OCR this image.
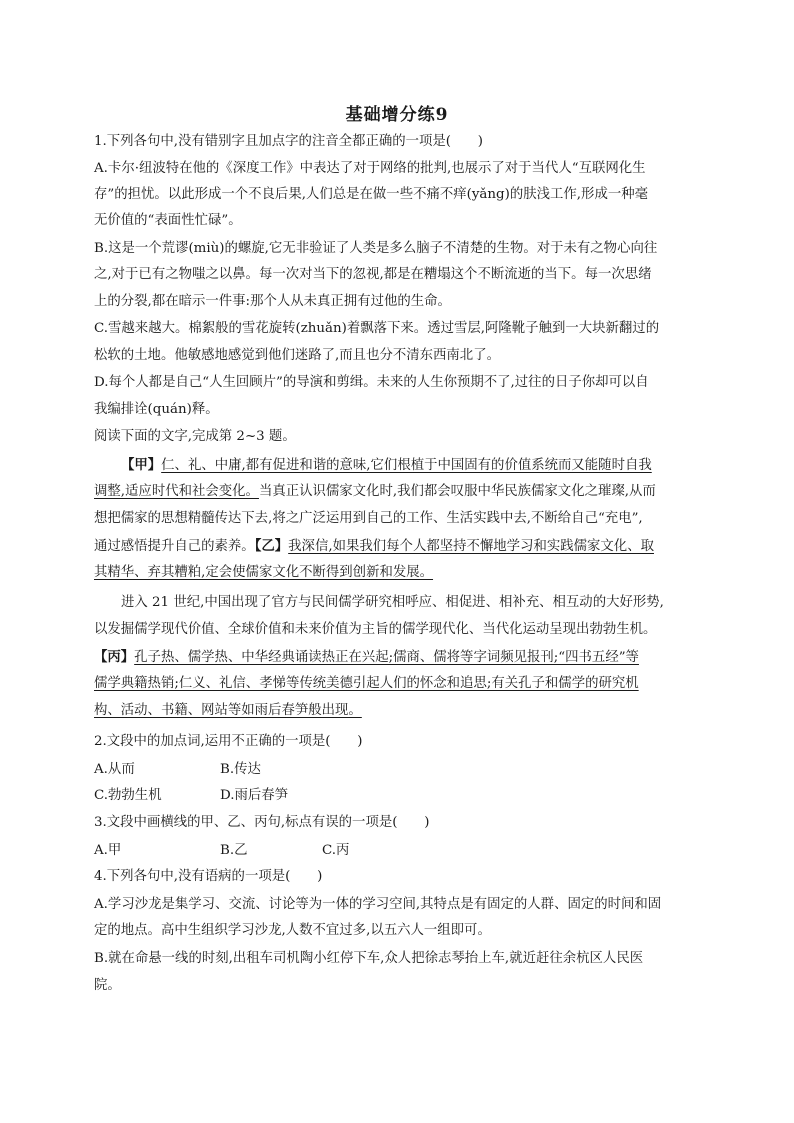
基础增分练9
1.下列各句中,没有错别字且加点字的注音全都正确的一项是(　　)
A.卡尔·纽波特在他的《深度工作》中表达了对于网络的批判,也展示了对于当代人“互联网化生
存”的担忧。以此形成一个不良后果,人们总是在做一些不痛不痒(yǎng)的肤浅工作,形成一种毫
无价值的“表面性忙碌”。
B.这是一个荒谬(miù)的螺旋,它无非验证了人类是多么脑子不清楚的生物。对于未有之物心向往
之,对于已有之物嗤之以鼻。每一次对当下的忽视,都是在糟塌这个不断流逝的当下。每一次思绪
上的分裂,都在暗示一件事:那个人从未真正拥有过他的生命。
C.雪越来越大。棉絮般的雪花旋转(zhuǎn)着飘落下来。透过雪层,阿隆靴子触到一大块新翻过的
松软的土地。他敏感地感觉到他们迷路了,而且也分不清东西南北了。
D.每个人都是自己“人生回顾片”的导演和剪缉。未来的人生你预期不了,过往的日子你却可以自
我编排诠(quán)释。
阅读下面的文字,完成第 2~3 题。
【甲】仁、礼、中庸,都有促进和谐的意味,它们根植于中国固有的价值系统而又能随时自我
调整,适应时代和社会变化。当真正认识儒家文化时,我们都会叹服中华民族儒家文化之璀璨,从而
想把儒家的思想精髓传达下去,将之广泛运用到自己的工作、生活实践中去,不断给自己“充电”,
通过感悟提升自己的素养。【乙】我深信,如果我们每个人都坚持不懈地学习和实践儒家文化、取
其精华、弃其糟粕,定会使儒家文化不断得到创新和发展。
进入 21 世纪,中国出现了官方与民间儒学研究相呼应、相促进、相补充、相互动的大好形势,
以发掘儒学现代价值、全球价值和未来价值为主旨的儒学现代化、当代化运动呈现出勃勃生机。
【丙】孔子热、儒学热、中华经典诵读热正在兴起;儒商、儒将等字词频见报刊;“四书五经”等
儒学典籍热销;仁义、礼信、孝悌等传统美德引起人们的怀念和追思;有关孔子和儒学的研究机
构、活动、书籍、网站等如雨后春笋般出现。
2.文段中的加点词,运用不正确的一项是(　　)
A.从而	B.传达
C.勃勃生机	D.雨后春笋
3.文段中画横线的甲、乙、丙句,标点有误的一项是(　　)
A.甲	B.乙	C.丙
4.下列各句中,没有语病的一项是(　　)
A.学习沙龙是集学习、交流、讨论等为一体的学习空间,其特点是有固定的人群、固定的时间和固
定的地点。高中生组织学习沙龙,人数不宜过多,以五六人一组即可。
B.就在命悬一线的时刻,出租车司机陶小红停下车,众人把徐志琴抬上车,就近赶往余杭区人民医
院。
